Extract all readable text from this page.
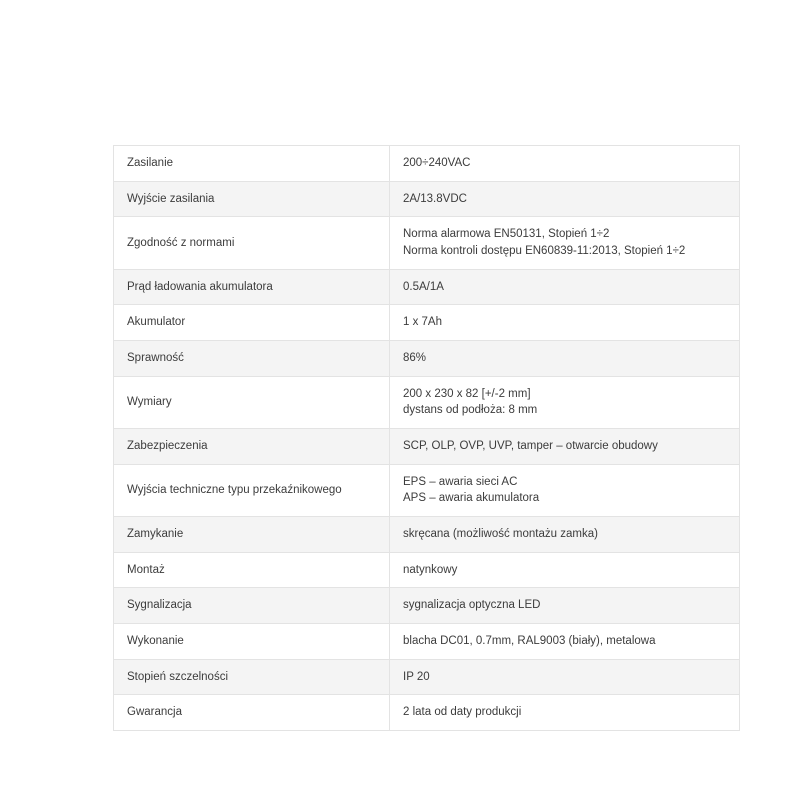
Zasilanie	200÷240VAC

Wyjście zasilania	2A/13.8VDC

Zgodność z normami	Norma alarmowa EN50131, Stopień 1÷2
Norma kontroli dostępu EN60839-11:2013, Stopień 1÷2

Prąd ładowania akumulatora	0.5A/1A

Akumulator	1 x 7Ah

Sprawność	86%

Wymiary	200 x 230 x 82 [+/-2 mm]
dystans od podłoża: 8 mm

Zabezpieczenia	SCP, OLP, OVP, UVP, tamper – otwarcie obudowy

Wyjścia techniczne typu przekaźnikowego	EPS – awaria sieci AC
APS – awaria akumulatora

Zamykanie	skręcana (możliwość montażu zamka)

Montaż	natynkowy

Sygnalizacja	sygnalizacja optyczna LED

Wykonanie	blacha DC01, 0.7mm, RAL9003 (biały), metalowa

Stopień szczelności	IP 20

Gwarancja	2 lata od daty produkcji
